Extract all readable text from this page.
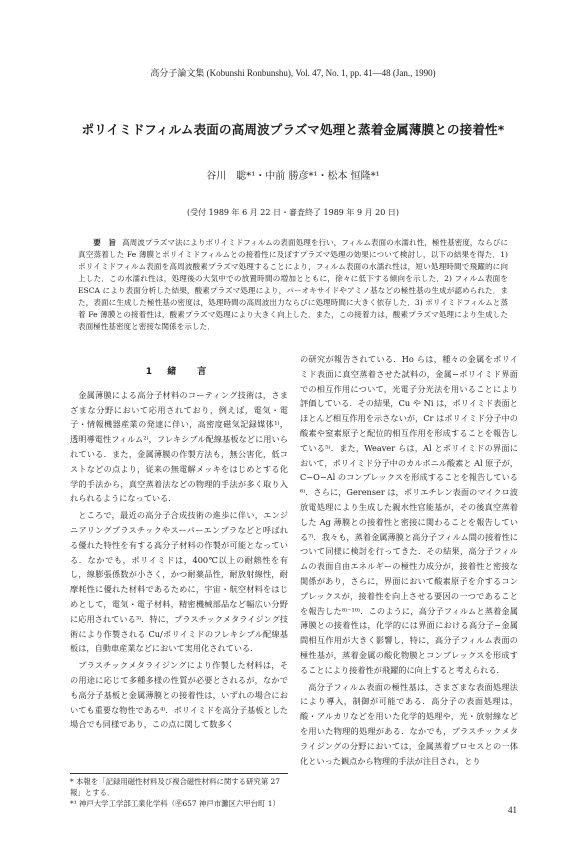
高分子論文集 (Kobunshi Ronbunshu), Vol. 47, No. 1, pp. 41—48 (Jan., 1990)
ポリイミドフィルム表面の高周波プラズマ処理と蒸着金属薄膜との接着性*
谷川　聡*¹・中前 勝彦*¹・松本 恒隆*¹
(受付 1989 年 6 月 22 日・審査終了 1989 年 9 月 20 日)

要　旨 高周波プラズマ法によりポリイミドフィルムの表面処理を行い，フィルム表面の水濡れ性，極性基密度，ならびに真空蒸着した Fe 薄膜とポリイミドフィルムとの接着性に及ぼすプラズマ処理の効果について検討し，以下の結果を得た．1) ポリイミドフィルム表面を高周波酸素プラズマ処理することにより，フィルム表面の水濡れ性は，短い処理時間で飛躍的に向上した．この水濡れ性は，処理後の大気中での放置時間の増加とともに，徐々に低下する傾向を示した．2) フィルム表面を ESCA により表面分析した結果，酸素プラズマ処理により，パーオキサイドやアミノ基などの極性基の生成が認められた．また，表面に生成した極性基の密度は，処理時間の高周波出力ならびに処理時間に大きく依存した．3) ポリイミドフィルムと蒸着 Fe 薄膜との接着性は，酸素プラズマ処理により大きく向上した．また，この接着力は，酸素プラズマ処理により生成した表面極性基密度と密接な関係を示した．

1 緒　言

金属薄膜による高分子材料のコーティング技術は，さまざまな分野において応用されており，例えば，電気・電子・情報機器産業の発達に伴い，高密度磁気記録媒体¹⁾，透明導電性フィルム²⁾，フレキシブル配線基板などに用いられている．また，金属薄膜の作製方法も，無公害化，低コストなどの点より，従来の無電解メッキをはじめとする化学的手法から，真空蒸着法などの物理的手法が多く取り入れられるようになっている．

ところで，最近の高分子合成技術の進歩に伴い，エンジニアリングプラスチックやスーパーエンプラなどと呼ばれる優れた特性を有する高分子材料の作製が可能となっている．なかでも，ポリイミドは，400℃以上の耐熱性を有し，線膨張係数が小さく，かつ耐薬品性，耐放射線性，耐摩耗性に優れた材料であるために，宇宙・航空材料をはじめとして，電気・電子材料，精密機械部品など幅広い分野に応用されている³⁾．特に，プラスチックメタライジング技術により作製される Cu/ポリイミドのフレキシブル配線基板は，自動車産業などにおいて実用化されている．

プラスチックメタライジングにより作製した材料は，その用途に応じて多種多様の性質が必要とされるが，なかでも高分子基板と金属薄膜との接着性は，いずれの場合においても重要な物性である⁴⁾．ポリイミドを高分子基板とした場合でも同様であり，この点に関して数多く

* 本報を「記録用磁性材料及び複合磁性材料に関する研究第 27 報」とする．
*¹ 神戸大学工学部工業化学科（㉾657 神戸市灘区六甲台町 1）

の研究が報告されている．Ho らは，種々の金属をポリイミド表面に真空蒸着させた試料の，金属−ポリイミド界面での相互作用について，光電子分光法を用いることにより評価している．その結果，Cu や Ni は，ポリイミド表面とほとんど相互作用を示さないが，Cr はポリイミド分子中の酸素や窒素原子と配位的相互作用を形成することを報告している⁵⁾．また，Weaver らは，Al とポリイミドの界面において，ポリイミド分子中のカルボニル酸素と Al 原子が，C−O−Al のコンプレックスを形成することを報告している⁶⁾．さらに，Gerenser は，ポリエチレン表面のマイクロ波放電処理により生成した親水性官能基が，その後真空蒸着した Ag 薄膜との接着性と密接に関わることを報告している⁷⁾．我々も，蒸着金属薄膜と高分子フィルム間の接着性について同様に検討を行ってきた．その結果，高分子フィルムの表面自由エネルギーの極性力成分が，接着性と密接な関係があり，さらに，界面において酸素原子を介するコンプレックスが，接着性を向上させる要因の一つであることを報告した⁸⁾⁻¹⁰⁾．このように，高分子フィルムと蒸着金属薄膜との接着性は，化学的には界面における高分子−金属間相互作用が大きく影響し，特に，高分子フィルム表面の極性基が，蒸着金属の酸化物膜とコンプレックスを形成することにより接着性が飛躍的に向上すると考えられる．

高分子フィルム表面の極性基は，さまざまな表面処理法により導入，制御が可能である．高分子の表面処理は，酸・アルカリなどを用いた化学的処理や，光・放射線などを用いた物理的処理がある．なかでも，プラスチックメタライジングの分野においては，金属蒸着プロセスとの一体化といった観点から物理的手法が注目され，とり

41
